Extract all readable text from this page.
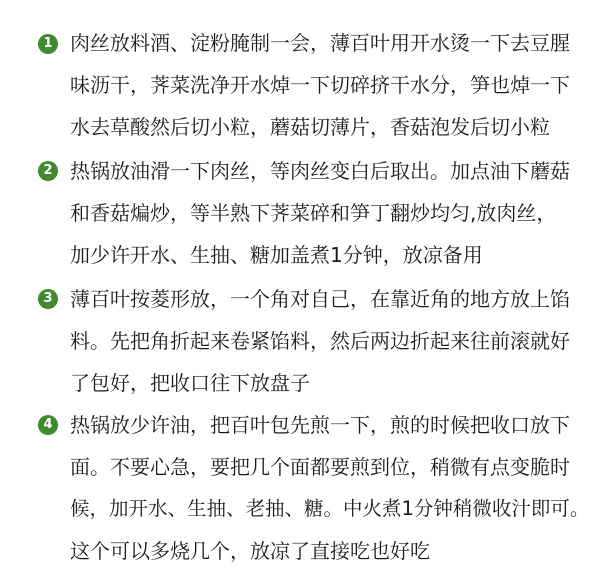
1 肉丝放料酒、淀粉腌制一会，薄百叶用开水烫一下去豆腥
味沥干，荠菜洗净开水焯一下切碎挤干水分，笋也焯一下
水去草酸然后切小粒，蘑菇切薄片，香菇泡发后切小粒
2 热锅放油滑一下肉丝，等肉丝变白后取出。加点油下蘑菇
和香菇煸炒，等半熟下荠菜碎和笋丁翻炒均匀,放肉丝，
加少许开水、生抽、糖加盖煮1分钟，放凉备用
3 薄百叶按菱形放，一个角对自己，在靠近角的地方放上馅
料。先把角折起来卷紧馅料，然后两边折起来往前滚就好
了包好，把收口往下放盘子
4 热锅放少许油，把百叶包先煎一下，煎的时候把收口放下
面。不要心急，要把几个面都要煎到位，稍微有点变脆时
候，加开水、生抽、老抽、糖。中火煮1分钟稍微收汁即可。
这个可以多烧几个，放凉了直接吃也好吃
